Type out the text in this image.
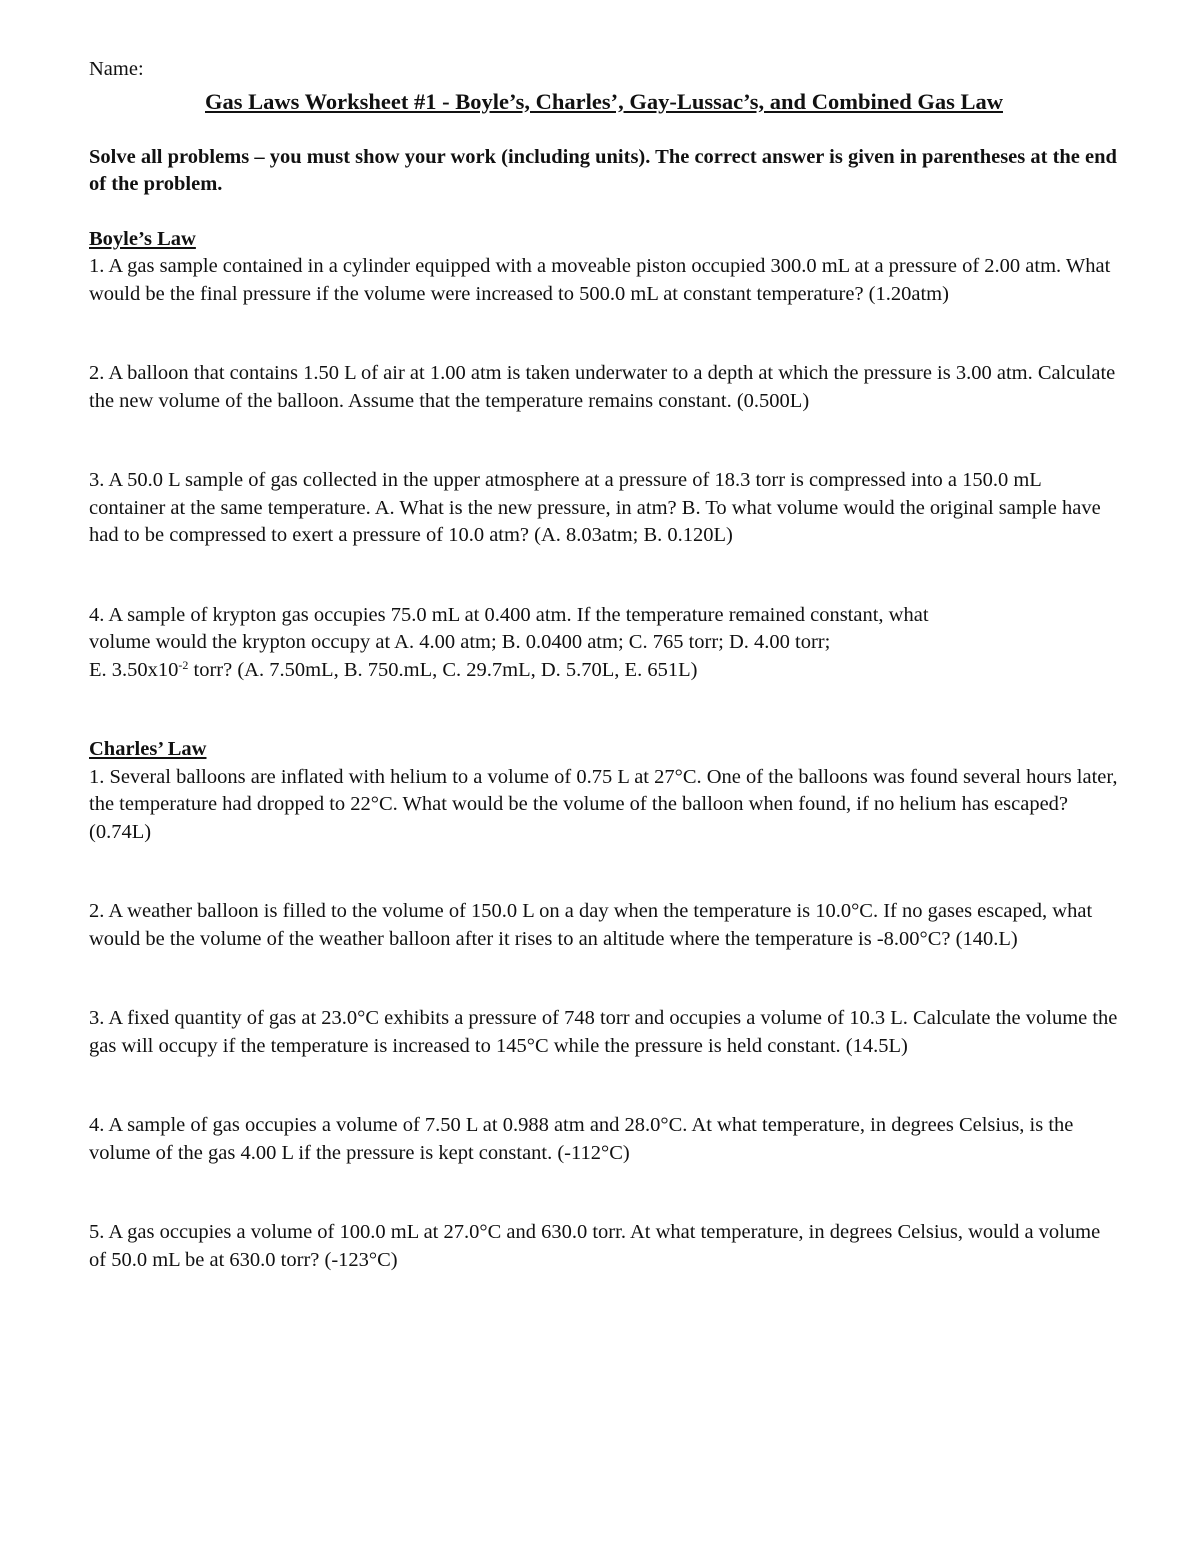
Name:

Gas Laws Worksheet #1 - Boyle’s, Charles’, Gay-Lussac’s, and Combined Gas Law

Solve all problems – you must show your work (including units). The correct answer is given in parentheses at the end of the problem.

Boyle’s Law

1. A gas sample contained in a cylinder equipped with a moveable piston occupied 300.0 mL at a pressure of 2.00 atm. What would be the final pressure if the volume were increased to 500.0 mL at constant temperature? (1.20atm)

2. A balloon that contains 1.50 L of air at 1.00 atm is taken underwater to a depth at which the pressure is 3.00 atm. Calculate the new volume of the balloon. Assume that the temperature remains constant. (0.500L)

3. A 50.0 L sample of gas collected in the upper atmosphere at a pressure of 18.3 torr is compressed into a 150.0 mL container at the same temperature. A. What is the new pressure, in atm? B. To what volume would the original sample have had to be compressed to exert a pressure of 10.0 atm? (A. 8.03atm; B. 0.120L)

4. A sample of krypton gas occupies 75.0 mL at 0.400 atm. If the temperature remained constant, what
volume would the krypton occupy at A. 4.00 atm; B. 0.0400 atm; C. 765 torr; D. 4.00 torr;
E. $3.50x10^{-2}$ torr? (A. 7.50mL, B. 750.mL, C. 29.7mL, D. 5.70L, E. 651L)

Charles’ Law

1. Several balloons are inflated with helium to a volume of 0.75 L at 27°C. One of the balloons was found several hours later, the temperature had dropped to 22°C. What would be the volume of the balloon when found, if no helium has escaped? (0.74L)

2. A weather balloon is filled to the volume of 150.0 L on a day when the temperature is 10.0°C. If no gases escaped, what would be the volume of the weather balloon after it rises to an altitude where the temperature is -8.00°C? (140.L)

3. A fixed quantity of gas at 23.0°C exhibits a pressure of 748 torr and occupies a volume of 10.3 L. Calculate the volume the gas will occupy if the temperature is increased to 145°C while the pressure is held constant. (14.5L)

4. A sample of gas occupies a volume of 7.50 L at 0.988 atm and 28.0°C. At what temperature, in degrees Celsius, is the volume of the gas 4.00 L if the pressure is kept constant. (-112°C)

5. A gas occupies a volume of 100.0 mL at 27.0°C and 630.0 torr. At what temperature, in degrees Celsius, would a volume of 50.0 mL be at 630.0 torr? (-123°C)
